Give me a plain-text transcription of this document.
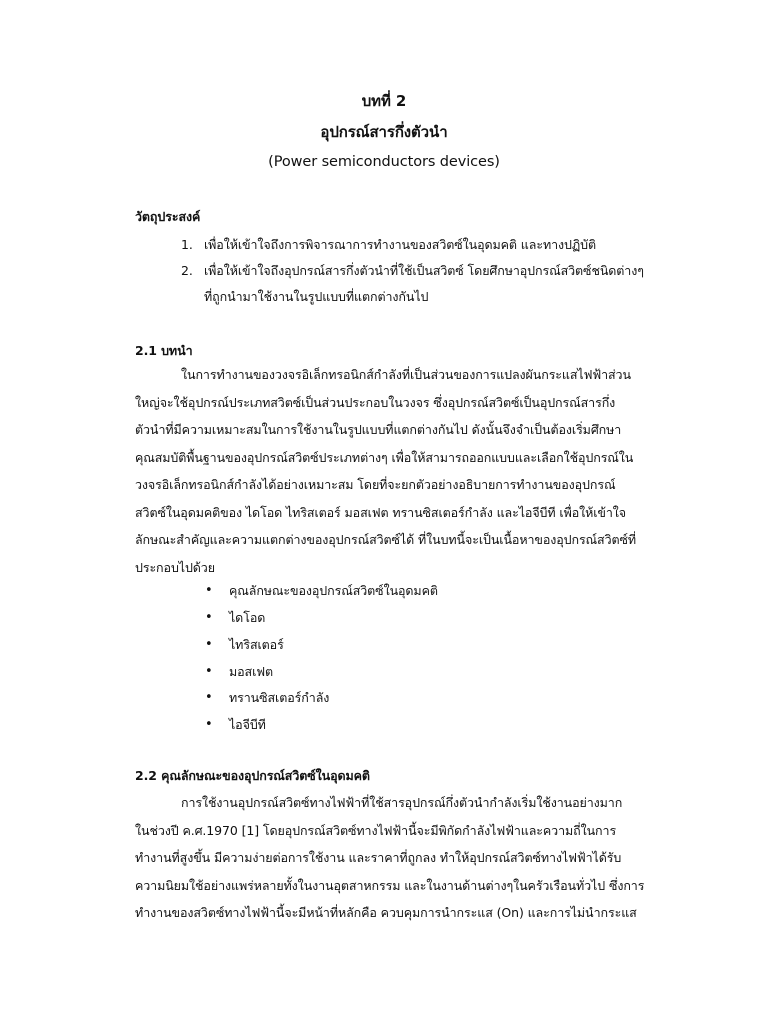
บทที่ 2
อุปกรณ์สารกึ่งตัวนำ
(Power semiconductors devices)
วัตถุประสงค์
1. เพื่อให้เข้าใจถึงการพิจารณาการทำงานของสวิตซ์ในอุดมคติ และทางปฏิบัติ
2. เพื่อให้เข้าใจถึงอุปกรณ์สารกึ่งตัวนำที่ใช้เป็นสวิตซ์ โดยศึกษาอุปกรณ์สวิตซ์ชนิดต่างๆ
ที่ถูกนำมาใช้งานในรูปแบบที่แตกต่างกันไป
2.1 บทนำ
ในการทำงานของวงจรอิเล็กทรอนิกส์กำลังที่เป็นส่วนของการแปลงผันกระแสไฟฟ้าส่วน
ใหญ่จะใช้อุปกรณ์ประเภทสวิตซ์เป็นส่วนประกอบในวงจร ซึ่งอุปกรณ์สวิตซ์เป็นอุปกรณ์สารกึ่ง
ตัวนำที่มีความเหมาะสมในการใช้งานในรูปแบบที่แตกต่างกันไป ดังนั้นจึงจำเป็นต้องเริ่มศึกษา
คุณสมบัติพื้นฐานของอุปกรณ์สวิตซ์ประเภทต่างๆ เพื่อให้สามารถออกแบบและเลือกใช้อุปกรณ์ใน
วงจรอิเล็กทรอนิกส์กำลังได้อย่างเหมาะสม โดยที่จะยกตัวอย่างอธิบายการทำงานของอุปกรณ์
สวิตซ์ในอุดมคติของ ไดโอด ไทริสเตอร์ มอสเฟต ทรานซิสเตอร์กำลัง และไอจีบีที เพื่อให้เข้าใจ
ลักษณะสำคัญและความแตกต่างของอุปกรณ์สวิตซ์ได้ ที่ในบทนี้จะเป็นเนื้อหาของอุปกรณ์สวิตซ์ที่
ประกอบไปด้วย
• คุณลักษณะของอุปกรณ์สวิตซ์ในอุดมคติ
• ไดโอด
• ไทริสเตอร์
• มอสเฟต
• ทรานซิสเตอร์กำลัง
• ไอจีบีที
2.2 คุณลักษณะของอุปกรณ์สวิตซ์ในอุดมคติ
การใช้งานอุปกรณ์สวิตซ์ทางไฟฟ้าที่ใช้สารอุปกรณ์กึ่งตัวนำกำลังเริ่มใช้งานอย่างมาก
ในช่วงปี ค.ศ.1970 [1] โดยอุปกรณ์สวิตซ์ทางไฟฟ้านี้จะมีพิกัดกำลังไฟฟ้าและความถี่ในการ
ทำงานที่สูงขึ้น มีความง่ายต่อการใช้งาน และราคาที่ถูกลง ทำให้อุปกรณ์สวิตซ์ทางไฟฟ้าได้รับ
ความนิยมใช้อย่างแพร่หลายทั้งในงานอุตสาหกรรม และในงานด้านต่างๆในครัวเรือนทั่วไป ซึ่งการ
ทำงานของสวิตซ์ทางไฟฟ้านี้จะมีหน้าที่หลักคือ ควบคุมการนำกระแส (On) และการไม่นำกระแส
